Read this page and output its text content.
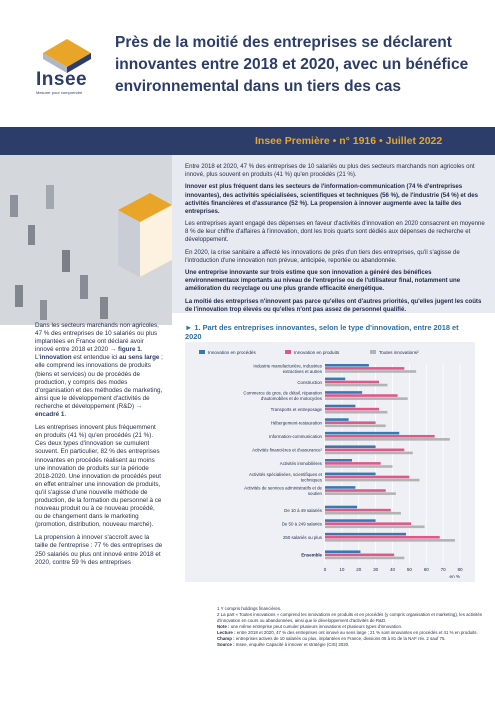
Insee
Mesurer pour comprendre
Près de la moitié des entreprises se déclarent innovantes entre 2018 et 2020, avec un bénéfice environnemental dans un tiers des cas
Insee Première • n° 1916 • Juillet 2022

Entre 2018 et 2020, 47 % des entreprises de 10 salariés ou plus des secteurs marchands non agricoles ont innové, plus souvent en produits (41 %) qu'en procédés (21 %).

Innover est plus fréquent dans les secteurs de l'information-communication (74 % d'entreprises innovantes), des activités spécialisées, scientifiques et techniques (56 %), de l'industrie (54 %) et des activités financières et d'assurance (52 %). La propension à innover augmente avec la taille des entreprises.

Les entreprises ayant engagé des dépenses en faveur d'activités d'innovation en 2020 consacrent en moyenne 8 % de leur chiffre d'affaires à l'innovation, dont les trois quarts sont dédiés aux dépenses de recherche et développement.

En 2020, la crise sanitaire a affecté les innovations de près d'un tiers des entreprises, qu'il s'agisse de l'introduction d'une innovation non prévue, anticipée, reportée ou abandonnée.

Une entreprise innovante sur trois estime que son innovation a généré des bénéfices environnementaux importants au niveau de l'entreprise ou de l'utilisateur final, notamment une amélioration du recyclage ou une plus grande efficacité énergétique.

La moitié des entreprises n'innovent pas parce qu'elles ont d'autres priorités, qu'elles jugent les coûts de l'innovation trop élevés ou qu'elles n'ont pas assez de personnel qualifié.

Dans les secteurs marchands non agricoles, 47 % des entreprises de 10 salariés ou plus implantées en France ont déclaré avoir innové entre 2018 et 2020 → figure 1. L'innovation est entendue ici au sens large ; elle comprend les innovations de produits (biens et services) ou de procédés de production, y compris des modes d'organisation et des méthodes de marketing, ainsi que le développement d'activités de recherche et développement (R&D) → encadré 1.

Les entreprises innovent plus fréquemment en produits (41 %) qu'en procédés (21 %). Ces deux types d'innovation se cumulent souvent. En particulier, 82 % des entreprises innovantes en procédés réalisent au moins une innovation de produits sur la période 2018-2020. Une innovation de procédés peut en effet entraîner une innovation de produits, qu'il s'agisse d'une nouvelle méthode de production, de la formation du personnel à ce nouveau produit ou à ce nouveau procédé, ou de changement dans le marketing (promotion, distribution, nouveau marché).

La propension à innover s'accroît avec la taille de l'entreprise : 77 % des entreprises de 250 salariés ou plus ont innové entre 2018 et 2020, contre 59 % des entreprises

► 1. Part des entreprises innovantes, selon le type d'innovation, entre 2018 et 2020
Innovation en procédés	Innovation en produits	Toutes innovations²
0	10	20	30	40	50	60	70	80
en %
Industrie manufacturière, industries
extractives et autres
Construction
Commerce de gros, de détail, réparation
d'automobiles et de motocycles
Transports et entreposage
Hébergement-restauration
Information-communication
Activités financières et d'assurance¹
Activités immobilières
Activités spécialisées, scientifiques et
techniques
Activités de services administratifs et de
soutien
De 10 à 49 salariés
De 50 à 249 salariés
250 salariés ou plus
Ensemble

1 Y compris holdings financières.

2 La part « Toutes innovations » comprend les innovations en produits et en procédés (y compris organisation et marketing), les activités d'innovation en cours ou abandonnées, ainsi que le développement d'activités de R&D.

Note : une même entreprise peut cumuler plusieurs innovations et plusieurs types d'innovation.

Lecture : entre 2018 et 2020, 47 % des entreprises ont innové au sens large ; 21 % sont innovantes en procédés et 41 % en produits.

Champ : entreprises actives de 10 salariés ou plus, implantées en France, divisions 05 à 81 de la NAF rév. 2 sauf 75.

Source : Insee, enquête Capacité à innover et stratégie (CIS) 2020.
